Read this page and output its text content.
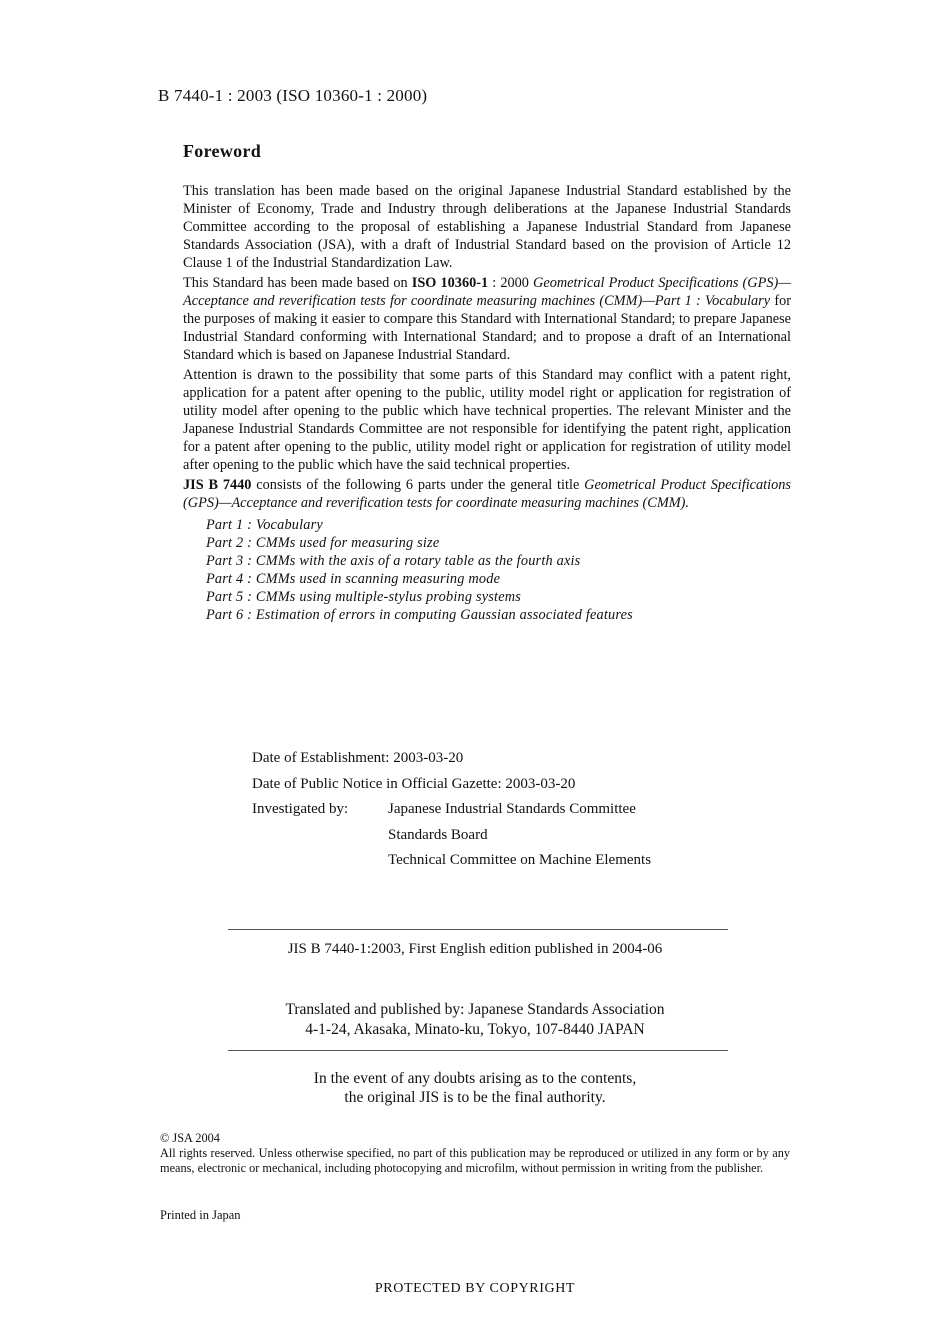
B 7440-1 : 2003 (ISO 10360-1 : 2000)
Foreword

This translation has been made based on the original Japanese Industrial Standard established by the Minister of Economy, Trade and Industry through deliberations at the Japanese Industrial Standards Committee according to the proposal of establishing a Japanese Industrial Standard from Japanese Standards Association (JSA), with a draft of Industrial Standard based on the provision of Article 12 Clause 1 of the Industrial Standardization Law.

This Standard has been made based on ISO 10360-1 : 2000 Geometrical Product Specifications (GPS)—Acceptance and reverification tests for coordinate measuring machines (CMM)—Part 1 : Vocabulary for the purposes of making it easier to compare this Standard with International Standard; to prepare Japanese Industrial Standard conforming with International Standard; and to propose a draft of an International Standard which is based on Japanese Industrial Standard.

Attention is drawn to the possibility that some parts of this Standard may conflict with a patent right, application for a patent after opening to the public, utility model right or application for registration of utility model after opening to the public which have technical properties. The relevant Minister and the Japanese Industrial Standards Committee are not responsible for identifying the patent right, application for a patent after opening to the public, utility model right or application for registration of utility model after opening to the public which have the said technical properties.

JIS B 7440 consists of the following 6 parts under the general title Geometrical Product Specifications (GPS)—Acceptance and reverification tests for coordinate measuring machines (CMM).

Part 1 : Vocabulary
Part 2 : CMMs used for measuring size
Part 3 : CMMs with the axis of a rotary table as the fourth axis
Part 4 : CMMs used in scanning measuring mode
Part 5 : CMMs using multiple-stylus probing systems
Part 6 : Estimation of errors in computing Gaussian associated features
Date of Establishment: 2003-03-20
Date of Public Notice in Official Gazette: 2003-03-20
Investigated by:	Japanese Industrial Standards Committee
Standards Board
Technical Committee on Machine Elements
JIS B 7440-1:2003, First English edition published in 2004-06
Translated and published by: Japanese Standards Association
4-1-24, Akasaka, Minato-ku, Tokyo, 107-8440 JAPAN
In the event of any doubts arising as to the contents,
the original JIS is to be the final authority.

© JSA 2004

All rights reserved. Unless otherwise specified, no part of this publication may be reproduced or utilized in any form or by any means, electronic or mechanical, including photocopying and microfilm, without permission in writing from the publisher.

Printed in Japan
PROTECTED BY COPYRIGHT
